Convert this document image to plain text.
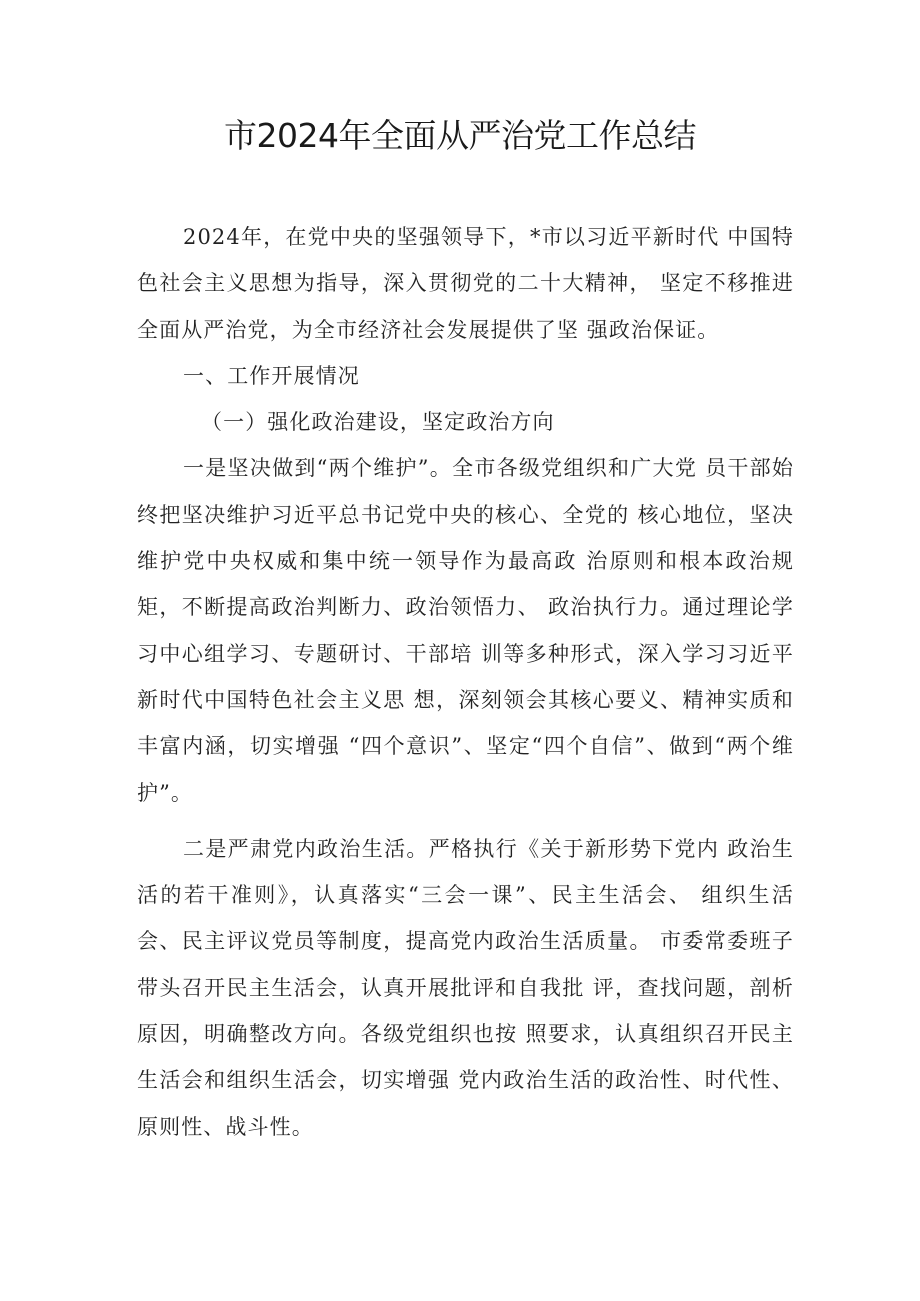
市2024年全面从严治党工作总结

2024年，在党中央的坚强领导下，*市以习近平新时代 中国特色社会主义思想为指导，深入贯彻党的二十大精神， 坚定不移推进全面从严治党，为全市经济社会发展提供了坚 强政治保证。

一、工作开展情况

（一）强化政治建设，坚定政治方向

一是坚决做到“两个维护”。全市各级党组织和广大党 员干部始终把坚决维护习近平总书记党中央的核心、全党的 核心地位，坚决维护党中央权威和集中统一领导作为最高政 治原则和根本政治规矩，不断提高政治判断力、政治领悟力、 政治执行力。通过理论学习中心组学习、专题研讨、干部培 训等多种形式，深入学习习近平新时代中国特色社会主义思 想，深刻领会其核心要义、精神实质和丰富内涵，切实增强 “四个意识”、坚定“四个自信”、做到“两个维护”。

二是严肃党内政治生活。严格执行《关于新形势下党内 政治生活的若干准则》，认真落实“三会一课”、民主生活会、 组织生活会、民主评议党员等制度，提高党内政治生活质量。 市委常委班子带头召开民主生活会，认真开展批评和自我批 评，查找问题，剖析原因，明确整改方向。各级党组织也按 照要求，认真组织召开民主生活会和组织生活会，切实增强 党内政治生活的政治性、时代性、原则性、战斗性。
